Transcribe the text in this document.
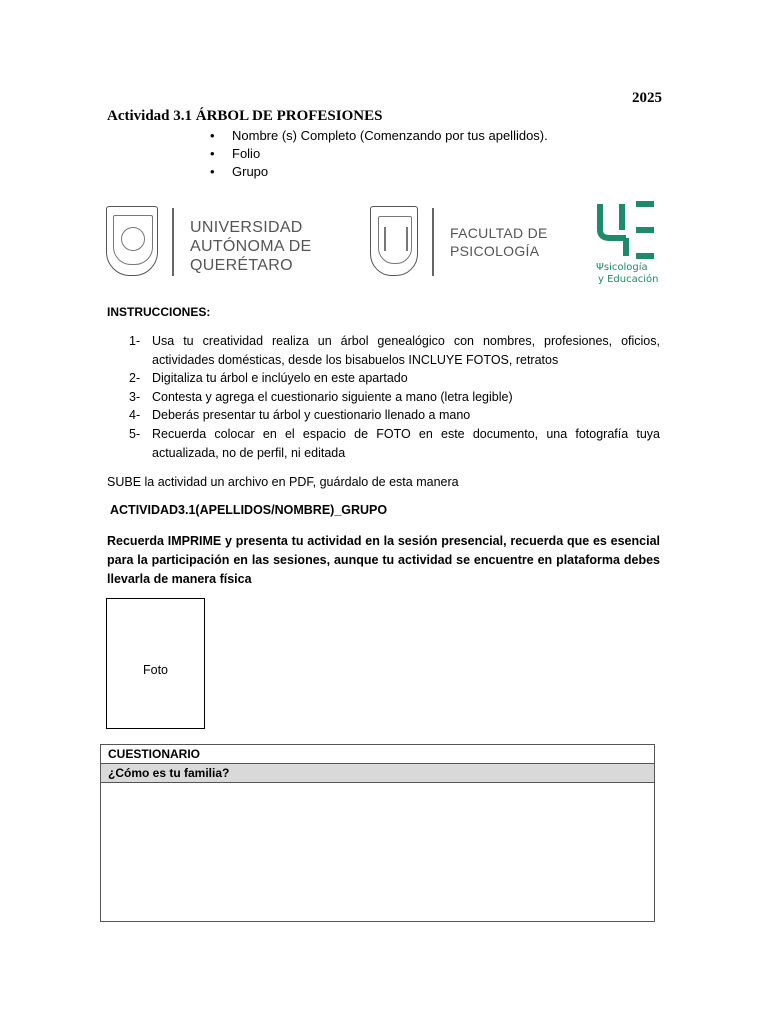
2025
Actividad 3.1 ÁRBOL DE PROFESIONES
• Nombre (s) Completo (Comenzando por tus apellidos).
• Folio
• Grupo
UNIVERSIDAD
AUTÓNOMA DE
QUERÉTARO
FACULTAD DE
PSICOLOGÍA
Ψsicología
y Educación
INSTRUCCIONES:
1- Usa tu creatividad realiza un árbol genealógico con nombres, profesiones, oficios, actividades domésticas, desde los bisabuelos INCLUYE FOTOS, retratos
2- Digitaliza tu árbol e inclúyelo en este apartado
3- Contesta y agrega el cuestionario siguiente a mano (letra legible)
4- Deberás presentar tu árbol y cuestionario llenado a mano
5- Recuerda colocar en el espacio de FOTO en este documento, una fotografía tuya actualizada, no de perfil, ni editada
SUBE la actividad un archivo en PDF, guárdalo de esta manera
ACTIVIDAD3.1(APELLIDOS/NOMBRE)_GRUPO
Recuerda IMPRIME y presenta tu actividad en la sesión presencial, recuerda que es esencial para la participación en las sesiones, aunque tu actividad se encuentre en plataforma debes llevarla de manera física
Foto
CUESTIONARIO
¿Cómo es tu familia?
